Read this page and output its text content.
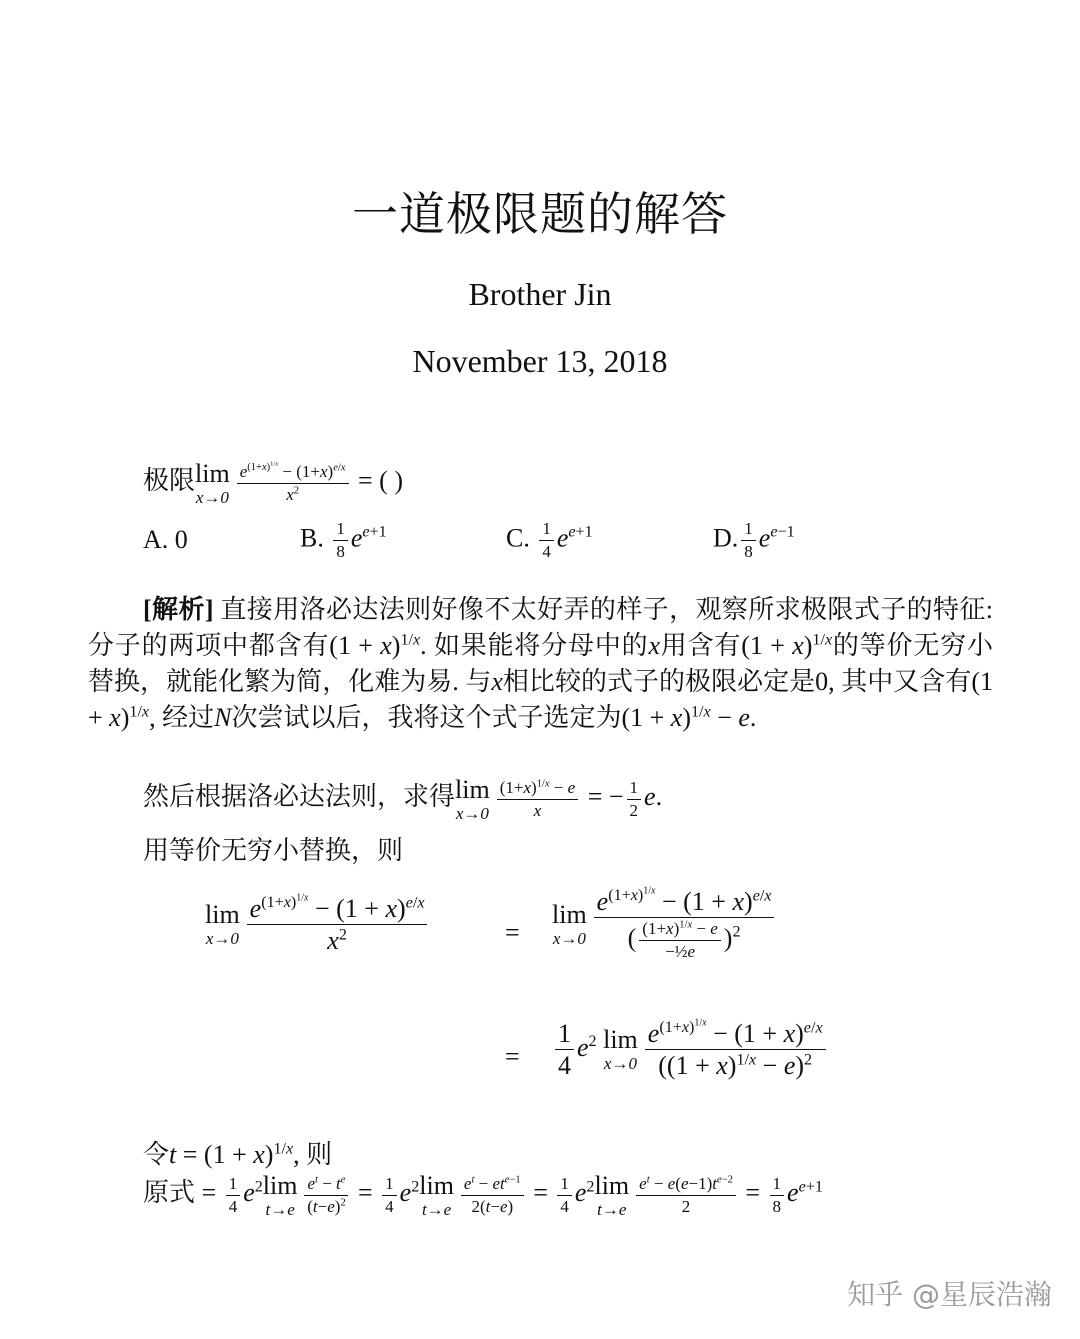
一道极限题的解答
Brother Jin
November 13, 2018
极限 lim
$x\to 0 \frac{e^{(1+x)^{1/x}} - (1+x)^{e/x}}{x^2}$ = ( )
A. 0	B. $\frac{1}{8} e^{e+1}$	C. $\frac{1}{4} e^{e+1}$	D. $\frac{1}{8} e^{e-1}$
[解析] 直接用洛必达法则好像不太好弄的样子，观察所求极限式子的特征: 分子的两项中都含有$(1 + x)^{1/x}$. 如果能将分母中的x用含有$(1 + x)^{1/x}$的等价无穷小替换，就能化繁为简，化难为易. 与x相比较的式子的极限必定是0, 其中又含有$(1 + x)^{1/x}$, 经过N次尝试以后，我将这个式子选定为$(1 + x)^{1/x} - e$.
然后根据洛必达法则，求得 lim
$x\to 0 \frac{(1+x)^{1/x} - e}{x}$ = − $\frac{1}{2} e$.
用等价无穷小替换，则
lim
$x\to 0 \frac{e^{(1+x)^{1/x}} - (1 + x)^{e/x}}{x^2}$	=
lim
$x\to 0 \frac{e^{(1+x)^{1/x}} - (1 + x)^{e/x}}{( \frac{(1+x)^{1/x} - e}{\text{−½e}} )^2}$
= $\frac{1}{4} e^2$ lim
$x\to 0 \frac{e^{(1+x)^{1/x}} - (1 + x)^{e/x}}{((1 + x)^{1/x} - e)^2}$
令$t = (1 + x)^{1/x}$, 则
原式 = $\frac{1}{4} e^2$ lim
$t\to e \frac{e^t - t^e}{(t-e)^2} = \frac{1}{4} e^2$ lim
$t\to e \frac{e^t - et^{e-1}}{2(t-e)} = \frac{1}{4} e^2$ lim
$t\to e \frac{e^t - e(e-1)t^{e-2}}{2} = \frac{1}{8} e^{e+1}$
知乎 @星辰浩瀚
